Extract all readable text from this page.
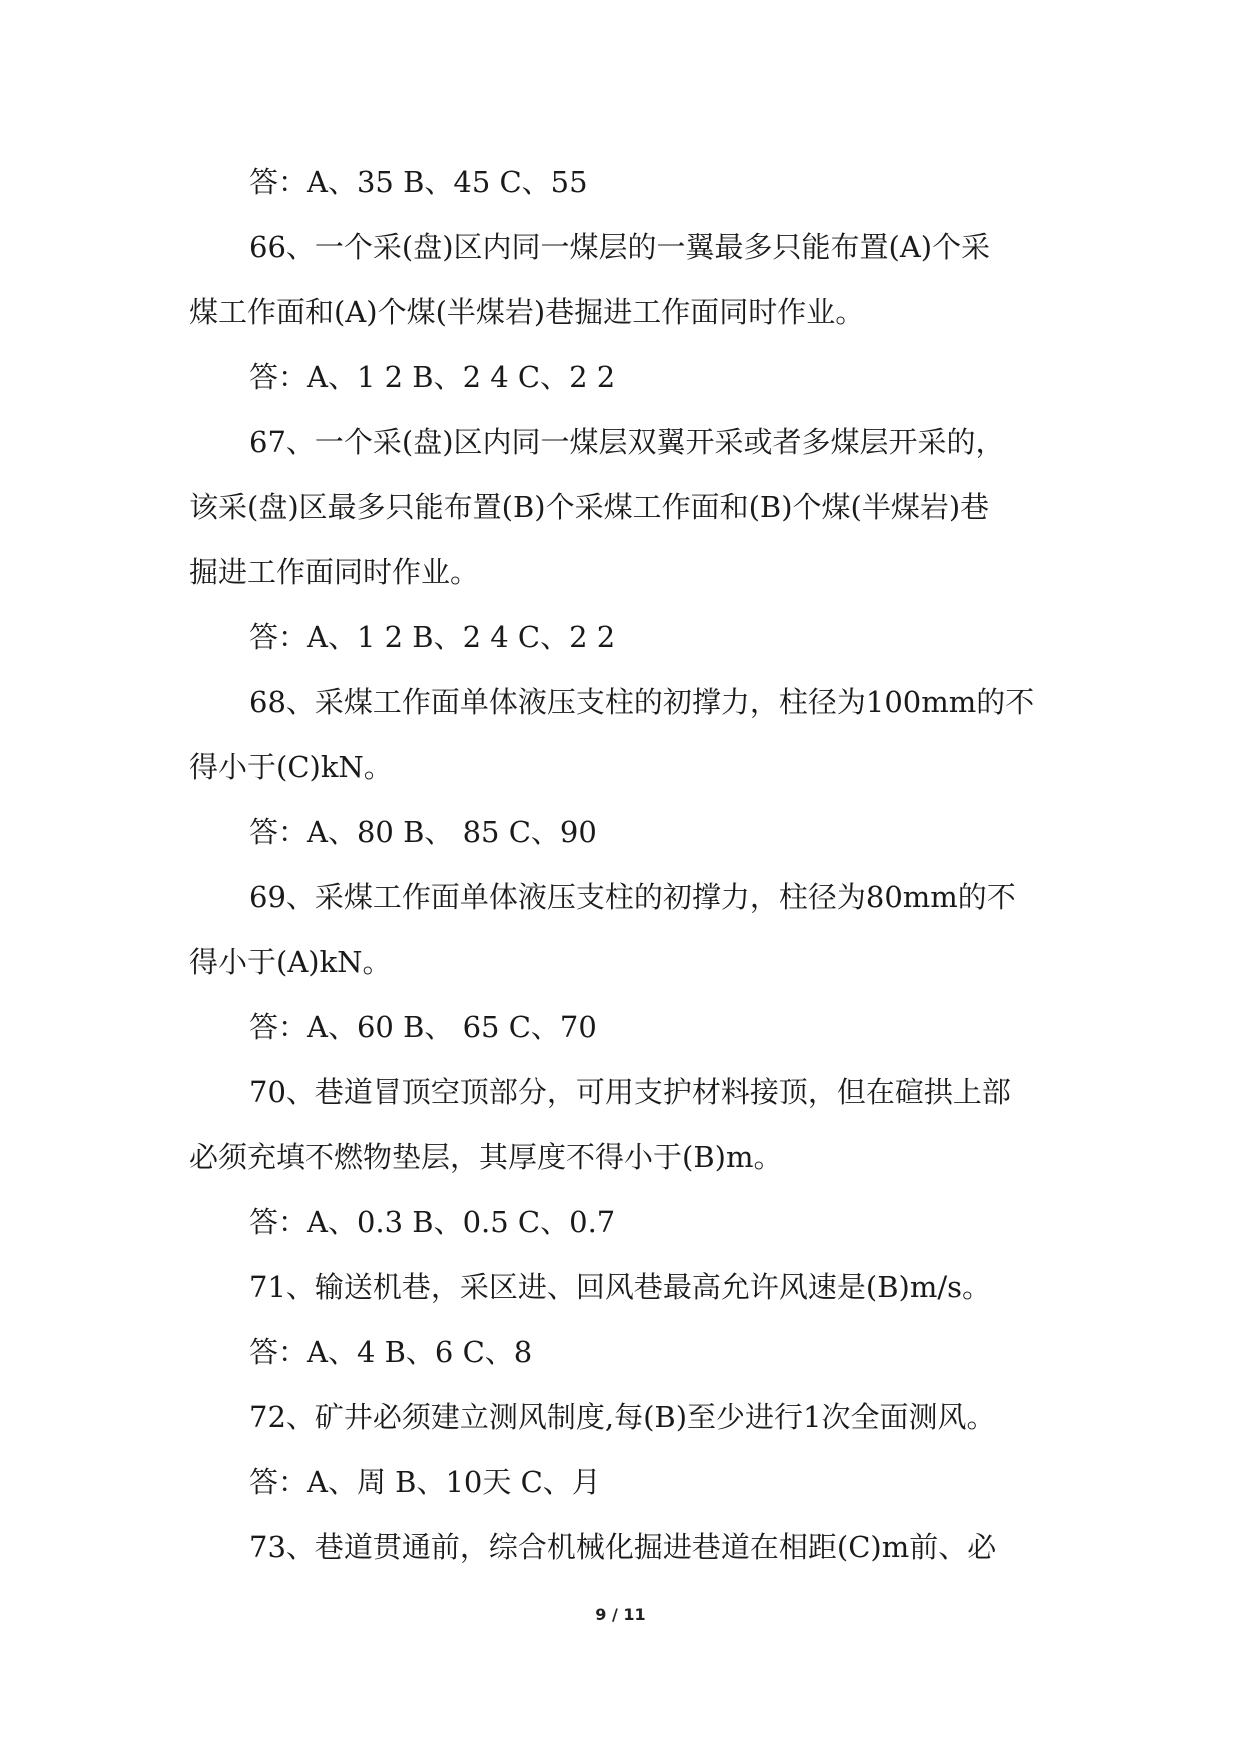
答：A、35 B、45 C、55
66、一个采(盘)区内同一煤层的一翼最多只能布置(A)个采
煤工作面和(A)个煤(半煤岩)巷掘进工作面同时作业。
答：A、1 2 B、2 4 C、2 2
67、一个采(盘)区内同一煤层双翼开采或者多煤层开采的，
该采(盘)区最多只能布置(B)个采煤工作面和(B)个煤(半煤岩)巷
掘进工作面同时作业。
答：A、1 2 B、2 4 C、2 2
68、采煤工作面单体液压支柱的初撑力，柱径为100mm的不
得小于(C)kN。
答：A、80 B、 85 C、90
69、采煤工作面单体液压支柱的初撑力，柱径为80mm的不
得小于(A)kN。
答：A、60 B、 65 C、70
70、巷道冒顶空顶部分，可用支护材料接顶，但在碹拱上部
必须充填不燃物垫层，其厚度不得小于(B)m。
答：A、0.3 B、0.5 C、0.7
71、输送机巷，采区进、回风巷最高允许风速是(B)m/s。
答：A、4 B、6 C、8
72、矿井必须建立测风制度,每(B)至少进行1次全面测风。
答：A、周 B、10天 C、月
73、巷道贯通前，综合机械化掘进巷道在相距(C)m前、必
9 / 11
